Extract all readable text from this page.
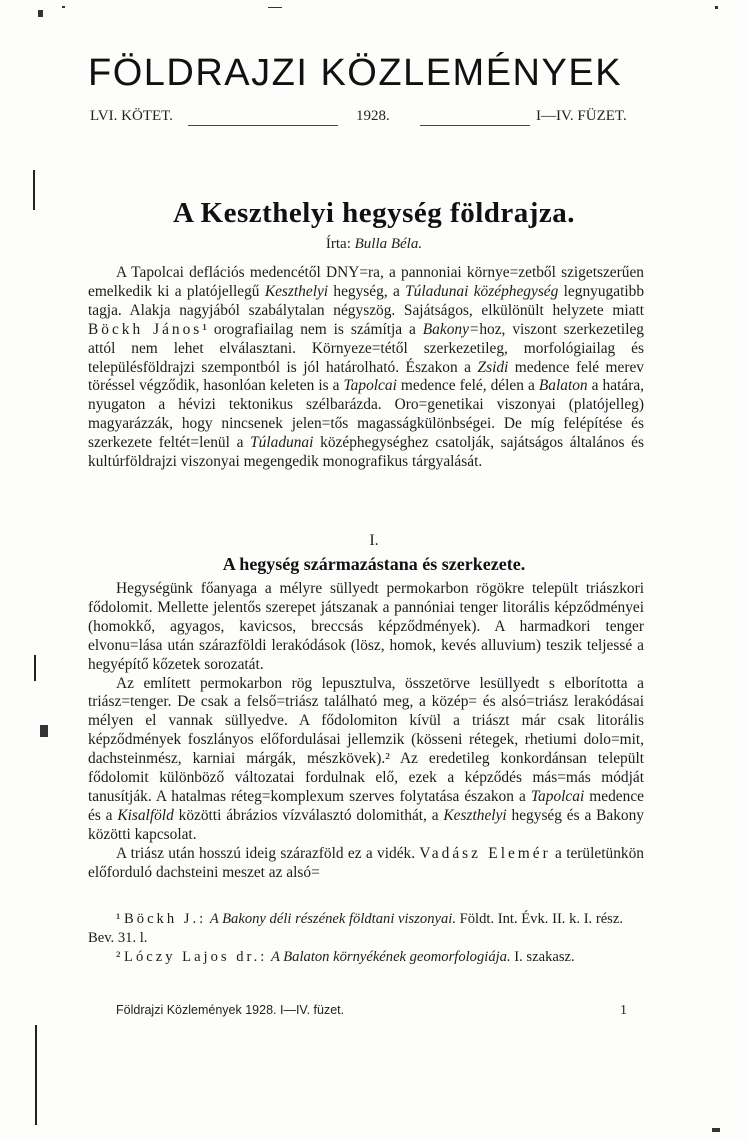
FÖLDRAJZI KÖZLEMÉNYEK
LVI. KÖTET.	1928.	I—IV. FÜZET.
A Keszthelyi hegység földrajza.
Írta: Bulla Béla.

A Tapolcai deflációs medencétől DNY=ra, a pannoniai környe=zetből szigetszerűen emelkedik ki a platójellegű Keszthelyi hegység, a Túladunai középhegység legnyugatibb tagja. Alakja nagyjából szabálytalan négyszög. Sajátságos, elkülönült helyzete miatt Böckh János¹ orografiailag nem is számítja a Bakony=hoz, viszont szerkezetileg attól nem lehet elválasztani. Környeze=tétől szerkezetileg, morfológiailag és településföldrajzi szempontból is jól határolható. Északon a Zsidi medence felé merev töréssel végződik, hasonlóan keleten is a Tapolcai medence felé, délen a Balaton a határa, nyugaton a hévizi tektonikus szélbarázda. Oro=genetikai viszonyai (platójelleg) magyarázzák, hogy nincsenek jelen=tős magasságkülönbségei. De míg felépítése és szerkezete feltét=lenül a Túladunai középhegységhez csatolják, sajátságos általános és kultúrföldrajzi viszonyai megengedik monografikus tárgyalását.

I.
A hegység származástana és szerkezete.

Hegységünk főanyaga a mélyre süllyedt permokarbon rögökre települt triászkori fődolomit. Mellette jelentős szerepet játszanak a pannóniai tenger litorális képződményei (homokkő, agyagos, kavicsos, breccsás képződmények). A harmadkori tenger elvonu=lása után szárazföldi lerakódások (lösz, homok, kevés alluvium) teszik teljessé a hegyépítő kőzetek sorozatát.

Az említett permokarbon rög lepusztulva, összetörve lesüllyedt s elborította a triász=tenger. De csak a felső=triász található meg, a közép= és alsó=triász lerakódásai mélyen el vannak süllyedve. A fődolomiton kívül a triászt már csak litorális képződmények foszlányos előfordulásai jellemzik (kösseni rétegek, rhetiumi dolo=mit, dachsteinmész, karniai márgák, mészkövek).² Az eredetileg konkordánsan települt fődolomit különböző változatai fordulnak elő, ezek a képződés más=más módját tanusítják. A hatalmas réteg=komplexum szerves folytatása északon a Tapolcai medence és a Kisalföld közötti ábrázios vízválasztó dolomithát, a Keszthelyi hegység és a Bakony közötti kapcsolat.

A triász után hosszú ideig szárazföld ez a vidék. Vadász Elemér a területünkön előforduló dachsteini meszet az alsó=

¹ Böckh J.: A Bakony déli részének földtani viszonyai. Földt. Int. Évk. II. k. I. rész. Bev. 31. l.

² Lóczy Lajos dr.: A Balaton környékének geomorfologiája. I. szakasz.

Földrajzi Közlemények 1928. I—IV. füzet.	1
